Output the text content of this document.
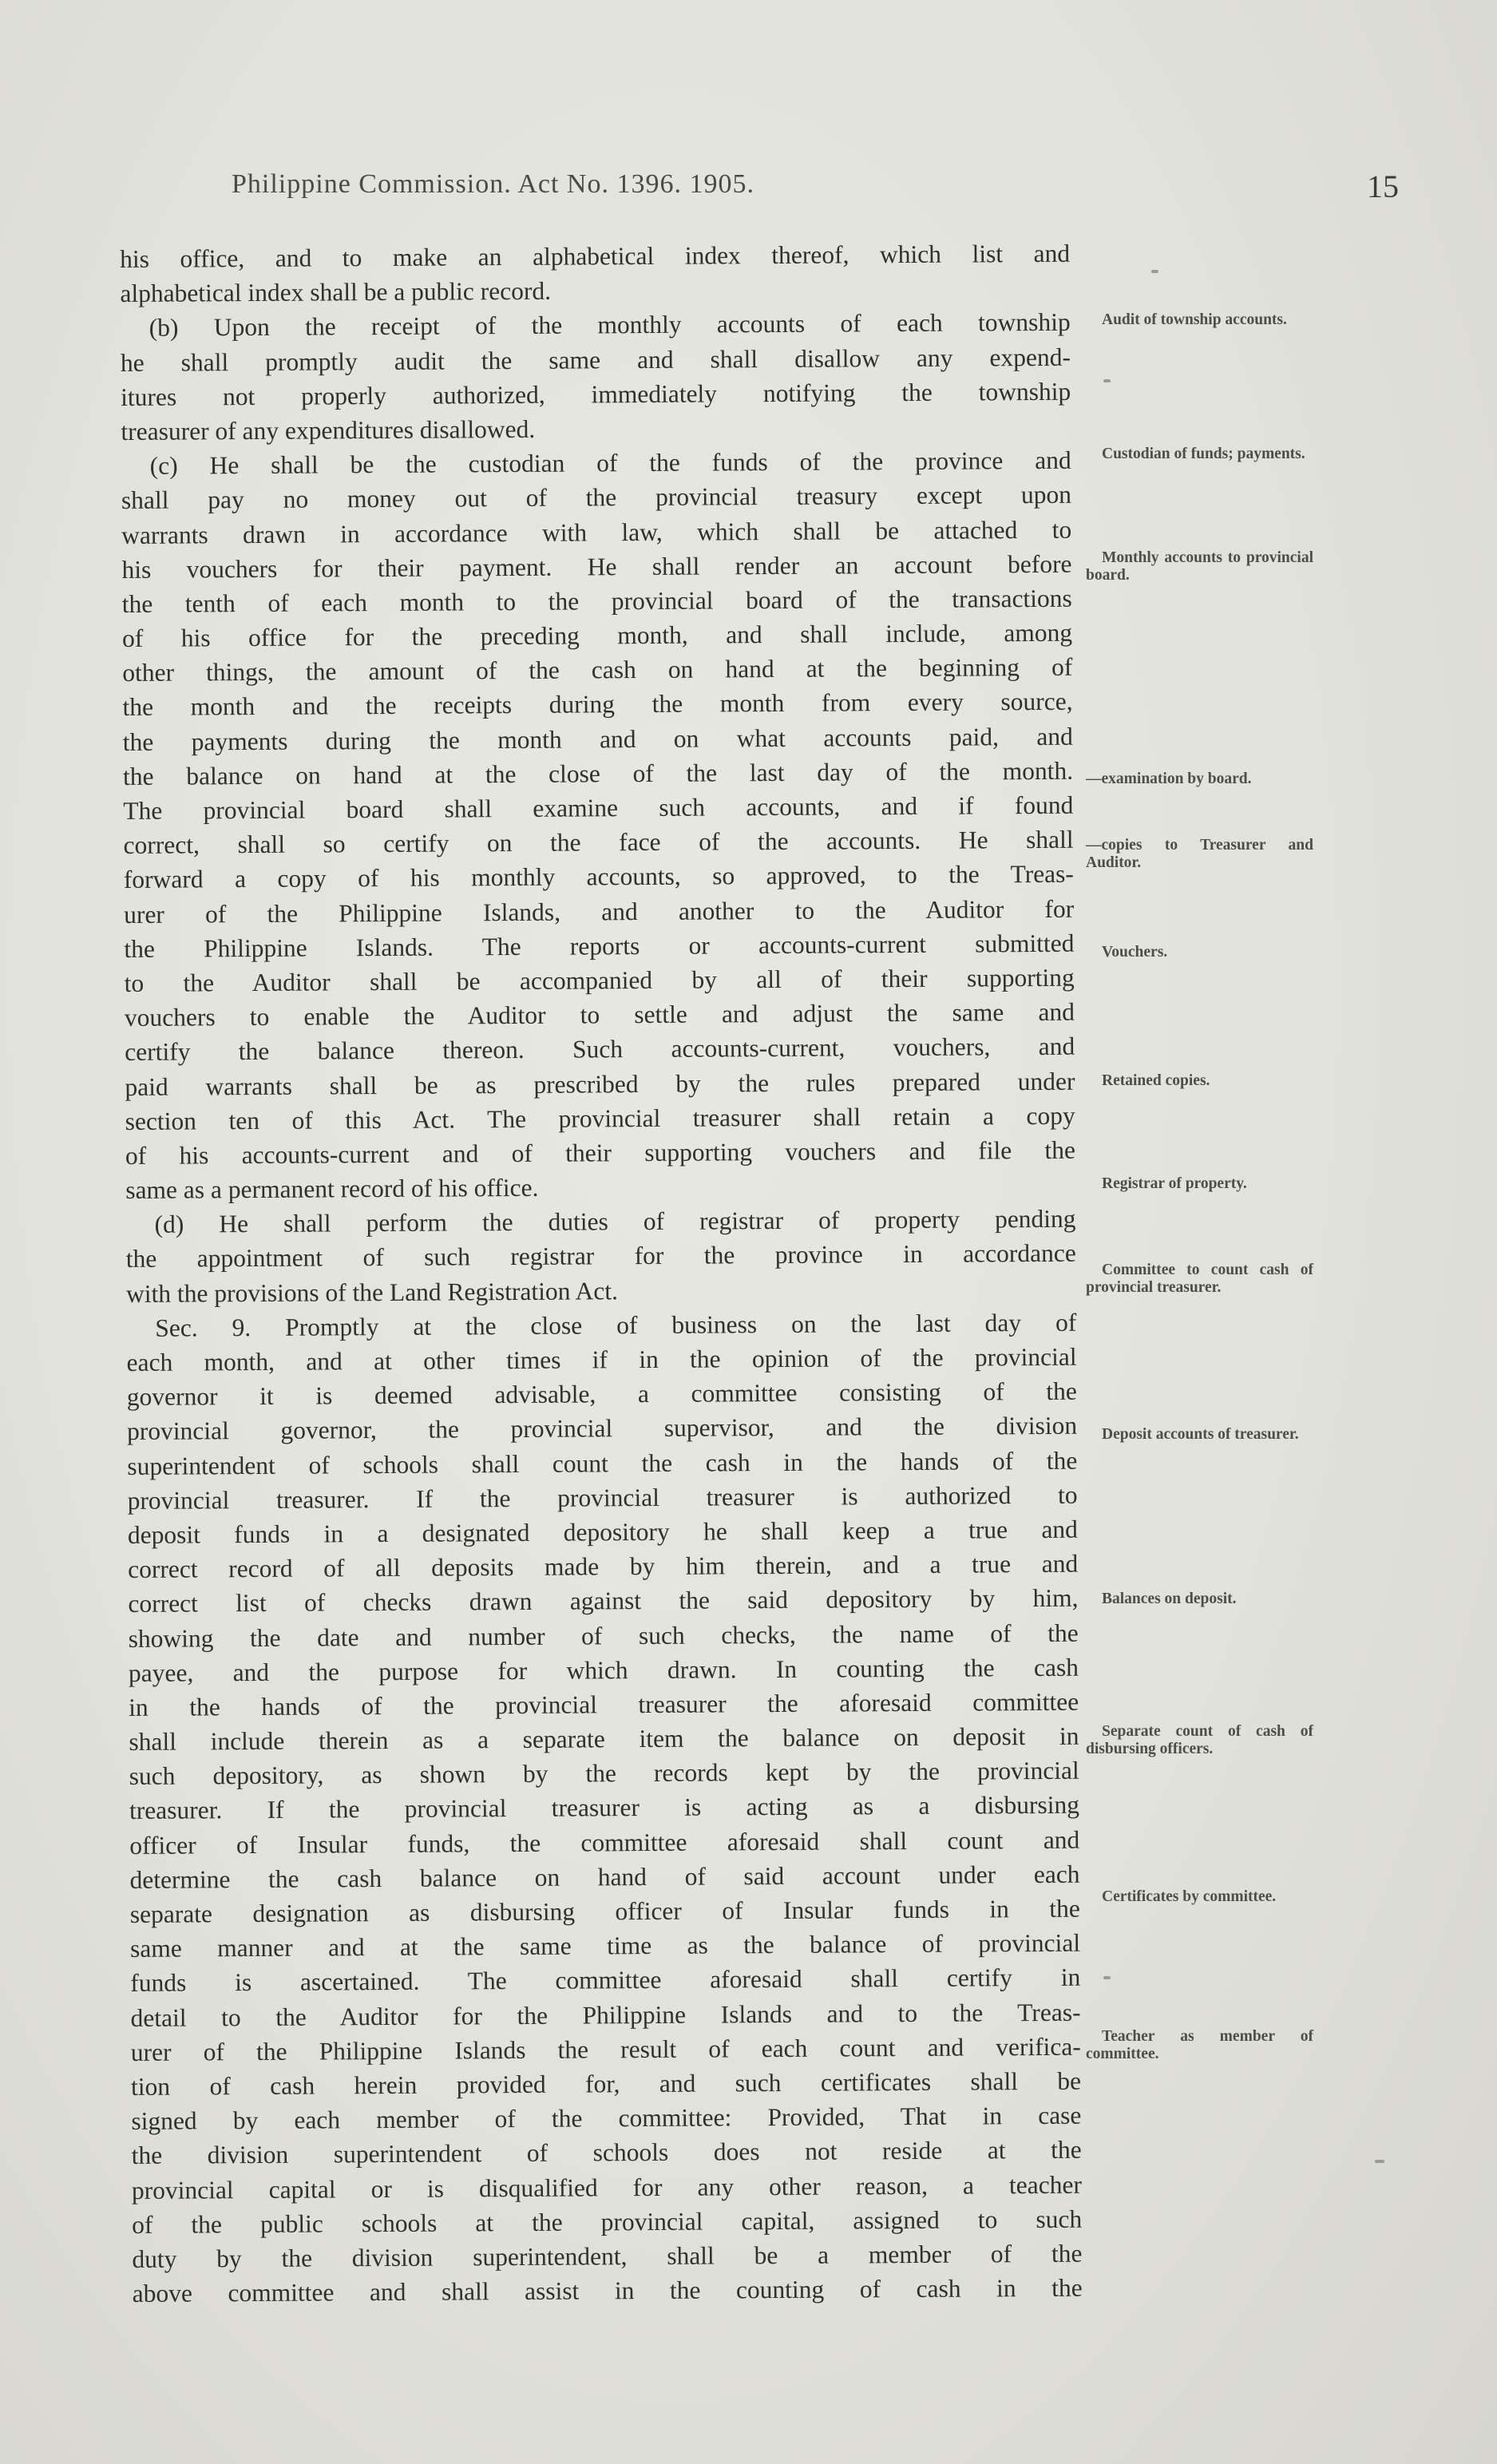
Philippine Commission. Act No. 1396. 1905.	15
his office, and to make an alphabetical index thereof, which list and
alphabetical index shall be a public record.
(b) Upon the receipt of the monthly accounts of each township
he shall promptly audit the same and shall disallow any expend-
itures not properly authorized, immediately notifying the township
treasurer of any expenditures disallowed.
(c) He shall be the custodian of the funds of the province and
shall pay no money out of the provincial treasury except upon
warrants drawn in accordance with law, which shall be attached to
his vouchers for their payment. He shall render an account before
the tenth of each month to the provincial board of the transactions
of his office for the preceding month, and shall include, among
other things, the amount of the cash on hand at the beginning of
the month and the receipts during the month from every source,
the payments during the month and on what accounts paid, and
the balance on hand at the close of the last day of the month.
The provincial board shall examine such accounts, and if found
correct, shall so certify on the face of the accounts. He shall
forward a copy of his monthly accounts, so approved, to the Treas-
urer of the Philippine Islands, and another to the Auditor for
the Philippine Islands. The reports or accounts-current submitted
to the Auditor shall be accompanied by all of their supporting
vouchers to enable the Auditor to settle and adjust the same and
certify the balance thereon. Such accounts-current, vouchers, and
paid warrants shall be as prescribed by the rules prepared under
section ten of this Act. The provincial treasurer shall retain a copy
of his accounts-current and of their supporting vouchers and file the
same as a permanent record of his office.
(d) He shall perform the duties of registrar of property pending
the appointment of such registrar for the province in accordance
with the provisions of the Land Registration Act.
Sec. 9. Promptly at the close of business on the last day of
each month, and at other times if in the opinion of the provincial
governor it is deemed advisable, a committee consisting of the
provincial governor, the provincial supervisor, and the division
superintendent of schools shall count the cash in the hands of the
provincial treasurer. If the provincial treasurer is authorized to
deposit funds in a designated depository he shall keep a true and
correct record of all deposits made by him therein, and a true and
correct list of checks drawn against the said depository by him,
showing the date and number of such checks, the name of the
payee, and the purpose for which drawn. In counting the cash
in the hands of the provincial treasurer the aforesaid committee
shall include therein as a separate item the balance on deposit in
such depository, as shown by the records kept by the provincial
treasurer. If the provincial treasurer is acting as a disbursing
officer of Insular funds, the committee aforesaid shall count and
determine the cash balance on hand of said account under each
separate designation as disbursing officer of Insular funds in the
same manner and at the same time as the balance of provincial
funds is ascertained. The committee aforesaid shall certify in
detail to the Auditor for the Philippine Islands and to the Treas-
urer of the Philippine Islands the result of each count and verifica-
tion of cash herein provided for, and such certificates shall be
signed by each member of the committee: Provided, That in case
the division superintendent of schools does not reside at the
provincial capital or is disqualified for any other reason, a teacher
of the public schools at the provincial capital, assigned to such
duty by the division superintendent, shall be a member of the
above committee and shall assist in the counting of cash in the
Audit of township accounts.
Custodian of funds; payments.
Monthly accounts to provincial board.
—examination by board.
—copies to Treasurer and Auditor.
Vouchers.
Retained copies.
Registrar of property.
Committee to count cash of provincial treasurer.
Deposit accounts of treasurer.
Balances on deposit.
Separate count of cash of disbursing officers.
Certificates by committee.
Teacher as member of committee.
